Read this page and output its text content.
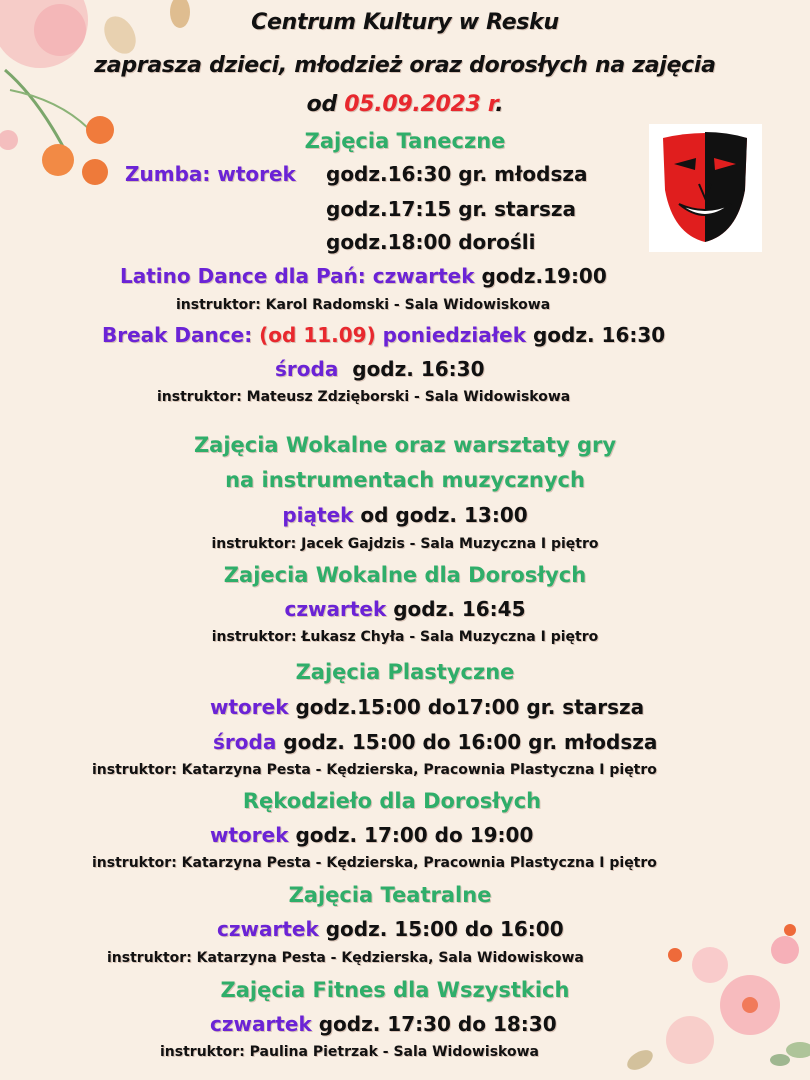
Centrum Kultury w Resku
zaprasza dzieci, młodzież oraz dorosłych na zajęcia
od 05.09.2023 r.
Zajęcia Taneczne
Zumba: wtorek godz.16:30 gr. młodsza
godz.17:15 gr. starsza
godz.18:00 dorośli
Latino Dance dla Pań: czwartek godz.19:00
instruktor: Karol Radomski - Sala Widowiskowa
Break Dance: (od 11.09) poniedziałek godz. 16:30
środa  godz. 16:30
instruktor: Mateusz Zdzięborski - Sala Widowiskowa
Zajęcia Wokalne oraz warsztaty gry
na instrumentach muzycznych
piątek od godz. 13:00
instruktor: Jacek Gajdzis - Sala Muzyczna I piętro
Zajecia Wokalne dla Dorosłych
czwartek godz. 16:45
instruktor: Łukasz Chyła - Sala Muzyczna I piętro
Zajęcia Plastyczne
wtorek godz.15:00 do17:00 gr. starsza
środa godz. 15:00 do 16:00 gr. młodsza
instruktor: Katarzyna Pesta - Kędzierska, Pracownia Plastyczna I piętro
Rękodzieło dla Dorosłych
wtorek godz. 17:00 do 19:00
instruktor: Katarzyna Pesta - Kędzierska, Pracownia Plastyczna I piętro
Zajęcia Teatralne
czwartek godz. 15:00 do 16:00
instruktor: Katarzyna Pesta - Kędzierska, Sala Widowiskowa
Zajęcia Fitnes dla Wszystkich
czwartek godz. 17:30 do 18:30
instruktor: Paulina Pietrzak - Sala Widowiskowa
